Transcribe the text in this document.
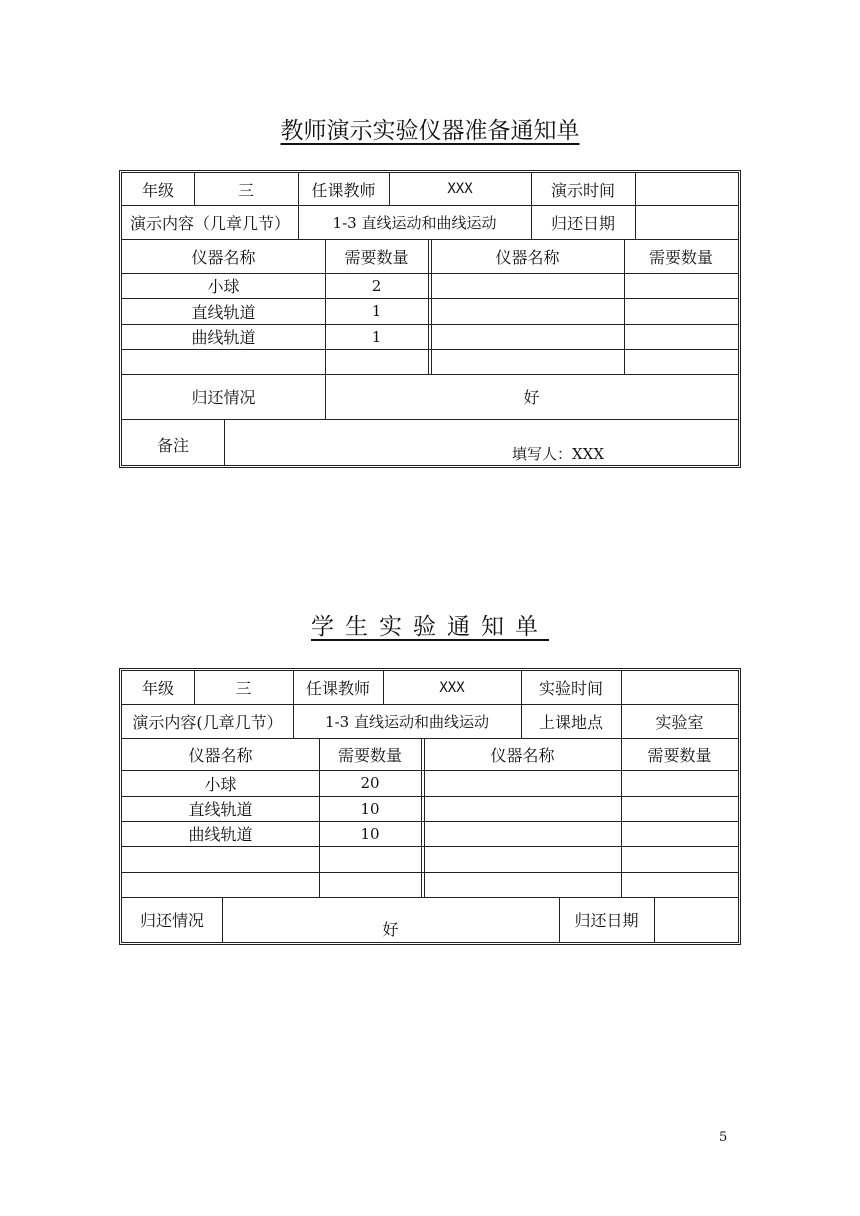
教师演示实验仪器准备通知单
年级	三	任课教师	XXX	演示时间
演示内容（几章几节）	1-3 直线运动和曲线运动	归还日期
仪器名称	需要数量	仪器名称	需要数量
小球	2
直线轨道	1
曲线轨道	1
归还情况	好
备注	填写人：XXX
学生实验通知单
年级	三	任课教师	XXX	实验时间
演示内容(几章几节）	1-3 直线运动和曲线运动	上课地点	实验室
仪器名称	需要数量	仪器名称	需要数量
小球	20
直线轨道	10
曲线轨道	10
归还情况	好	归还日期
5
